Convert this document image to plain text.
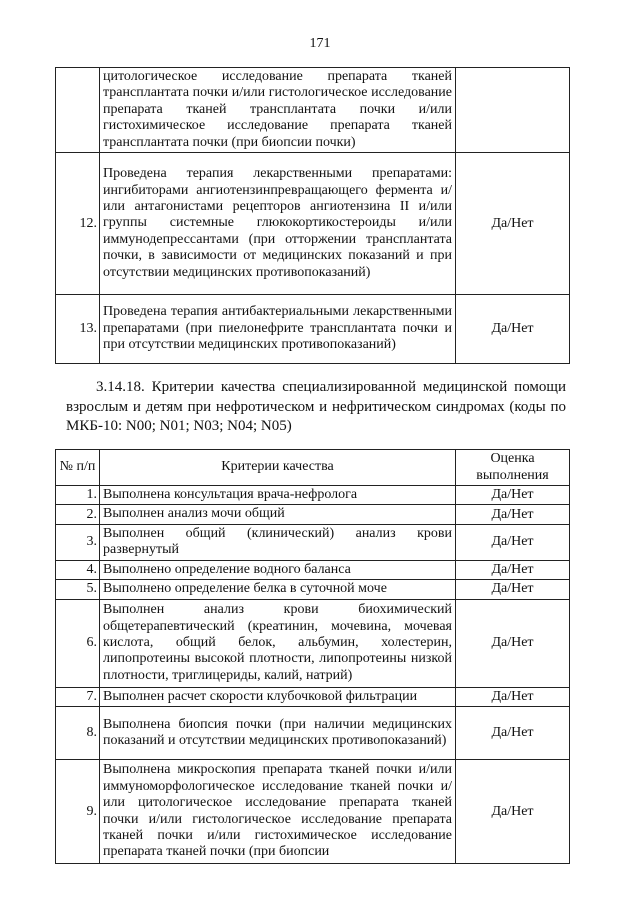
171

	цитологическое исследование препарата тканей трансплантата почки и/или гистологическое исследование препарата тканей трансплантата почки и/или гистохимическое исследование препарата тканей трансплантата почки (при биопсии почки)	

12.	Проведена терапия лекарственными препаратами: ингибиторами ангиотензинпревращающего фермента и/или антагонистами рецепторов ангиотензина II и/или группы системные глюкокортикостероиды и/или иммунодепрессантами (при отторжении трансплантата почки, в зависимости от медицинских показаний и при отсутствии медицинских противопоказаний)	Да/Нет
13.	Проведена терапия антибактериальными лекарственными препаратами (при пиелонефрите трансплантата почки и при отсутствии медицинских противопоказаний)	Да/Нет
3.14.18. Критерии качества специализированной медицинской помощи взрослым и детям при нефротическом и нефритическом синдромах (коды по МКБ-10: N00; N01; N03; N04; N05)
№ п/п	Критерии качества	Оценка выполнения
1.	Выполнена консультация врача-нефролога	Да/Нет
2.	Выполнен анализ мочи общий	Да/Нет
3.	Выполнен общий (клинический) анализ крови развернутый	Да/Нет
4.	Выполнено определение водного баланса	Да/Нет
5.	Выполнено определение белка в суточной моче	Да/Нет
6.	Выполнен анализ крови биохимический общетерапевтический (креатинин, мочевина, мочевая кислота, общий белок, альбумин, холестерин, липопротеины высокой плотности, липопротеины низкой плотности, триглицериды, калий, натрий)	Да/Нет
7.	Выполнен расчет скорости клубочковой фильтрации	Да/Нет
8.	Выполнена биопсия почки (при наличии медицинских показаний и отсутствии медицинских противопоказаний)	Да/Нет
9.	Выполнена микроскопия препарата тканей почки и/или иммуноморфологическое исследование тканей почки и/или цитологическое исследование препарата тканей почки и/или гистологическое исследование препарата тканей почки и/или гистохимическое исследование препарата тканей почки (при биопсии	Да/Нет
